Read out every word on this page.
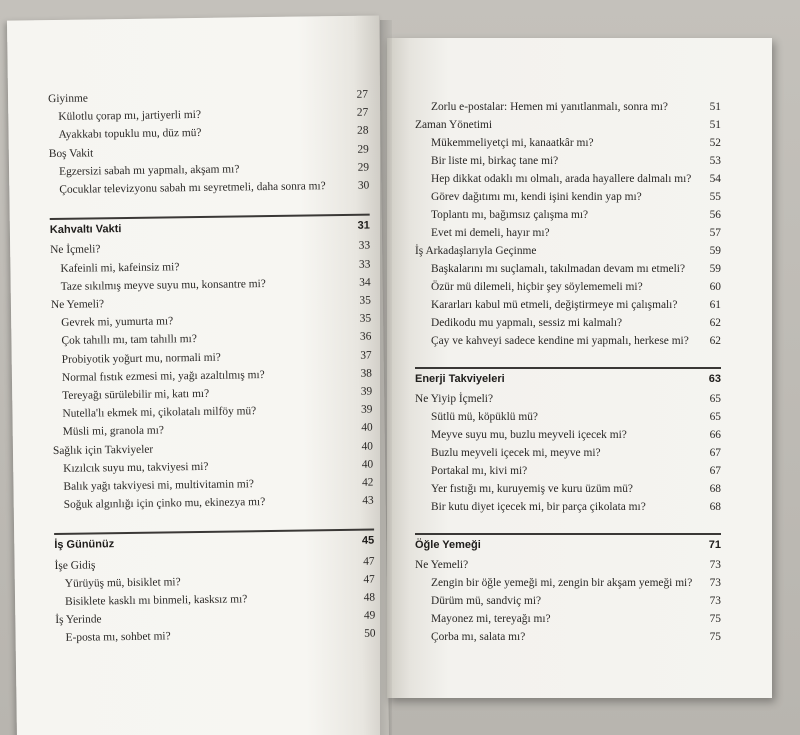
Giyinme	27
Külotlu çorap mı, jartiyerli mi?	27
Ayakkabı topuklu mu, düz mü?	28
Boş Vakit	29
Egzersizi sabah mı yapmalı, akşam mı?	29
Çocuklar televizyonu sabah mı seyretmeli, daha sonra mı?	30
Kahvaltı Vakti	31
Ne İçmeli?	33
Kafeinli mi, kafeinsiz mi?	33
Taze sıkılmış meyve suyu mu, konsantre mi?	34
Ne Yemeli?	35
Gevrek mi, yumurta mı?	35
Çok tahıllı mı, tam tahıllı mı?	36
Probiyotik yoğurt mu, normali mi?	37
Normal fıstık ezmesi mi, yağı azaltılmış mı?	38
Tereyağı sürülebilir mi, katı mı?	39
Nutella'lı ekmek mi, çikolatalı milföy mü?	39
Müsli mi, granola mı?	40
Sağlık için Takviyeler	40
Kızılcık suyu mu, takviyesi mi?	40
Balık yağı takviyesi mi, multivitamin mi?	42
Soğuk algınlığı için çinko mu, ekinezya mı?	43
İş Gününüz	45
İşe Gidiş	47
Yürüyüş mü, bisiklet mi?	47
Bisiklete kasklı mı binmeli, kasksız mı?	48
İş Yerinde	49
E-posta mı, sohbet mi?	50
Zorlu e-postalar: Hemen mi yanıtlanmalı, sonra mı?	51
Zaman Yönetimi	51
Mükemmeliyetçi mi, kanaatkâr mı?	52
Bir liste mi, birkaç tane mi?	53
Hep dikkat odaklı mı olmalı, arada hayallere dalmalı mı? 54
Görev dağıtımı mı, kendi işini kendin yap mı?	55
Toplantı mı, bağımsız çalışma mı?	56
Evet mi demeli, hayır mı?	57
İş Arkadaşlarıyla Geçinme	59
Başkalarını mı suçlamalı, takılmadan devam mı etmeli? 59
Özür mü dilemeli, hiçbir şey söylememeli mi?	60
Kararları kabul mü etmeli, değiştirmeye mi çalışmalı?	61
Dedikodu mu yapmalı, sessiz mi kalmalı?	62
Çay ve kahveyi sadece kendine mi yapmalı, herkese mi? 62
Enerji Takviyeleri	63
Ne Yiyip İçmeli?	65
Sütlü mü, köpüklü mü?	65
Meyve suyu mu, buzlu meyveli içecek mi?	66
Buzlu meyveli içecek mi, meyve mi?	67
Portakal mı, kivi mi?	67
Yer fıstığı mı, kuruyemiş ve kuru üzüm mü?	68
Bir kutu diyet içecek mi, bir parça çikolata mı?	68
Öğle Yemeği	71
Ne Yemeli?	73
Zengin bir öğle yemeği mi, zengin bir akşam yemeği mi? 73
Dürüm mü, sandviç mi?	73
Mayonez mi, tereyağı mı?	75
Çorba mı, salata mı?	75
